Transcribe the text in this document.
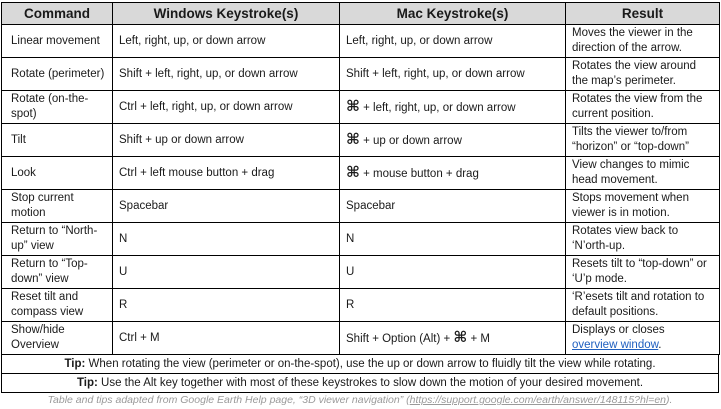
Command	Windows Keystroke(s)	Mac Keystroke(s)	Result
Linear movement	Left, right, up, or down arrow	Left, right, up, or down arrow	Moves the viewer in the direction of the arrow.
Rotate (perimeter)	Shift + left, right, up, or down arrow	Shift + left, right, up, or down arrow	Rotates the view around the map’s perimeter.
Rotate (on-the-spot)	Ctrl + left, right, up, or down arrow	⌘ + left, right, up, or down arrow	Rotates the view from the current position.
Tilt	Shift + up or down arrow	⌘ + up or down arrow	Tilts the viewer to/from “horizon” or “top-down”
Look	Ctrl + left mouse button + drag	⌘ + mouse button + drag	View changes to mimic head movement.
Stop current motion	Spacebar	Spacebar	Stops movement when viewer is in motion.
Return to “North-up” view	N	N	Rotates view back to ‘N’orth-up.
Return to “Top-down” view	U	U	Resets tilt to “top-down” or ‘U’p mode.
Reset tilt and compass view	R	R	‘R’esets tilt and rotation to default positions.
Show/hide Overview	Ctrl + M	Shift + Option (Alt) + ⌘ + M	Displays or closes overview window.
Tip: When rotating the view (perimeter or on-the-spot), use the up or down arrow to fluidly tilt the view while rotating.
Tip: Use the Alt key together with most of these keystrokes to slow down the motion of your desired movement.
Table and tips adapted from Google Earth Help page, “3D viewer navigation” (https://support.google.com/earth/answer/148115?hl=en).
